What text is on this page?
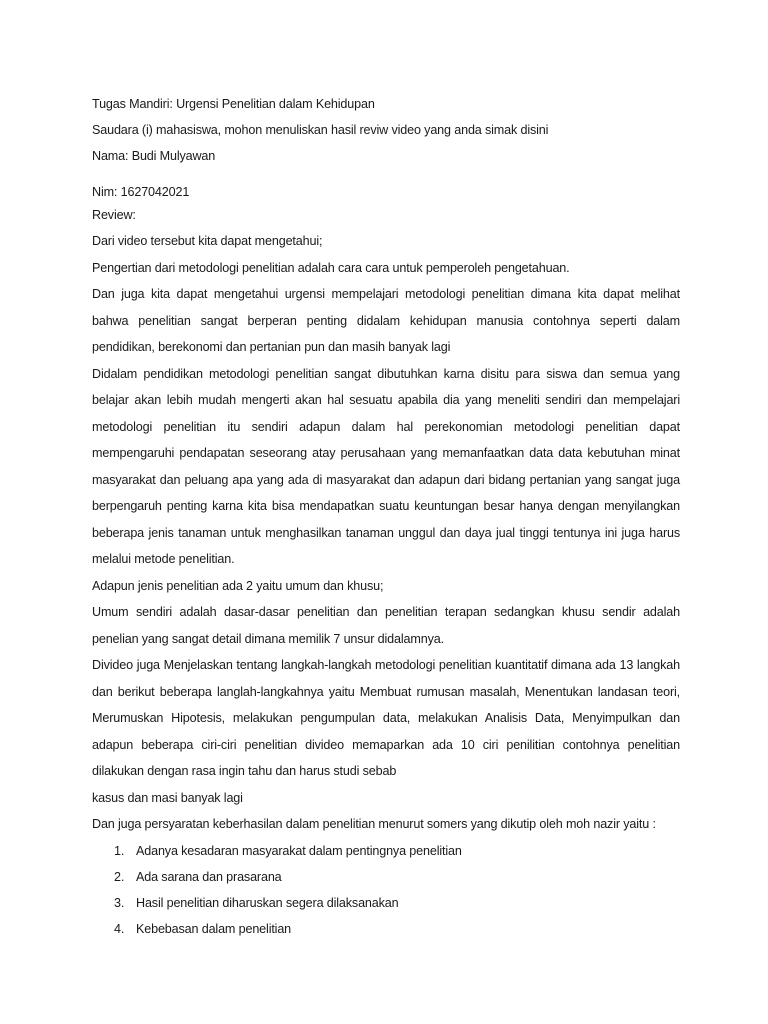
Tugas Mandiri: Urgensi Penelitian dalam Kehidupan

Saudara (i) mahasiswa, mohon menuliskan hasil reviw video yang anda simak disini

Nama: Budi Mulyawan

Nim: 1627042021

Review:

Dari video tersebut kita dapat mengetahui;

Pengertian dari metodologi penelitian adalah cara cara untuk pemperoleh pengetahuan.

Dan juga kita dapat mengetahui urgensi mempelajari metodologi penelitian dimana kita dapat melihat bahwa penelitian sangat berperan penting didalam kehidupan manusia contohnya seperti dalam pendidikan, berekonomi dan pertanian pun dan masih banyak lagi

Didalam pendidikan metodologi penelitian sangat dibutuhkan karna disitu para siswa dan semua yang belajar akan lebih mudah mengerti akan hal sesuatu apabila dia yang meneliti sendiri dan mempelajari metodologi penelitian itu sendiri adapun dalam hal perekonomian metodologi penelitian dapat mempengaruhi pendapatan seseorang atay perusahaan yang memanfaatkan data data kebutuhan minat masyarakat dan peluang apa yang ada di masyarakat dan adapun dari bidang pertanian yang sangat juga berpengaruh penting karna kita bisa mendapatkan suatu keuntungan besar hanya dengan menyilangkan beberapa jenis tanaman untuk menghasilkan tanaman unggul dan daya jual tinggi tentunya ini juga harus melalui metode penelitian.

Adapun jenis penelitian ada 2 yaitu umum dan khusu;

Umum sendiri adalah dasar-dasar penelitian dan penelitian terapan sedangkan khusu sendir adalah penelian yang sangat detail dimana memilik 7 unsur didalamnya.

Divideo juga Menjelaskan tentang langkah-langkah metodologi penelitian kuantitatif dimana ada 13 langkah dan berikut beberapa langlah-langkahnya yaitu Membuat rumusan masalah, Menentukan landasan teori, Merumuskan Hipotesis, melakukan pengumpulan data, melakukan Analisis Data, Menyimpulkan dan adapun beberapa ciri-ciri penelitian divideo memaparkan ada 10 ciri penilitian contohnya penelitian dilakukan dengan rasa ingin tahu dan harus studi sebab

kasus dan masi banyak lagi

Dan juga persyaratan keberhasilan dalam penelitian menurut somers yang dikutip oleh moh nazir yaitu :

1. Adanya kesadaran masyarakat dalam pentingnya penelitian
2. Ada sarana dan prasarana
3. Hasil penelitian diharuskan segera dilaksanakan
4. Kebebasan dalam penelitian
